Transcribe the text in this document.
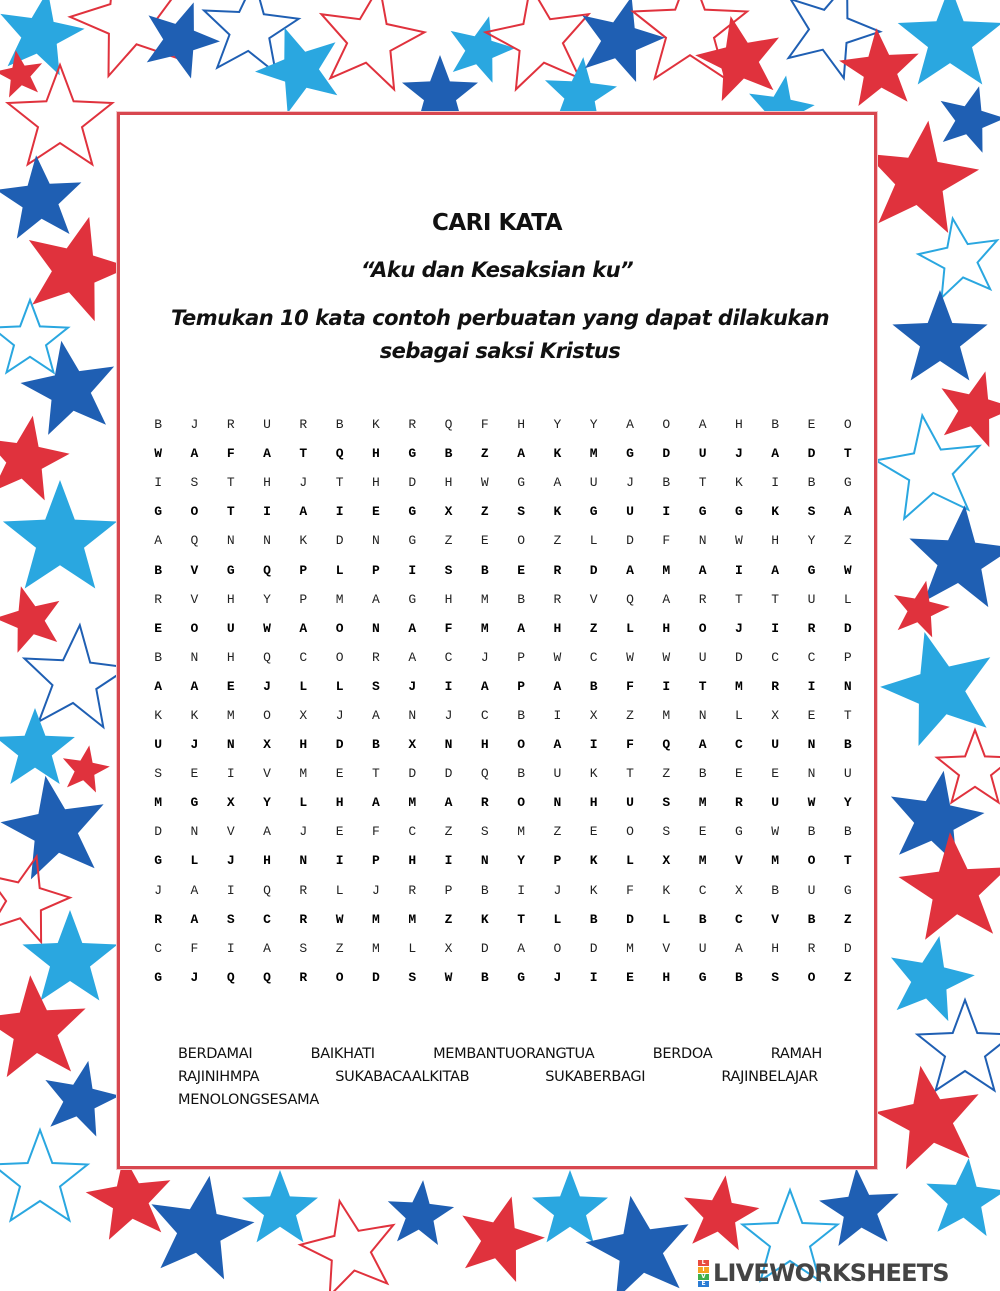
CARI KATA
“Aku dan Kesaksian ku”
Temukan 10 kata contoh perbuatan yang dapat dilakukan sebagai saksi Kristus
B	J	R	U	R	B	K	R	Q	F	H	Y	Y	A	O	A	H	B	E	O
W	A	F	A	T	Q	H	G	B	Z	A	K	M	G	D	U	J	A	D	T
I	S	T	H	J	T	H	D	H	W	G	A	U	J	B	T	K	I	B	G
G	O	T	I	A	I	E	G	X	Z	S	K	G	U	I	G	G	K	S	A
A	Q	N	N	K	D	N	G	Z	E	O	Z	L	D	F	N	W	H	Y	Z
B	V	G	Q	P	L	P	I	S	B	E	R	D	A	M	A	I	A	G	W
R	V	H	Y	P	M	A	G	H	M	B	R	V	Q	A	R	T	T	U	L
E	O	U	W	A	O	N	A	F	M	A	H	Z	L	H	O	J	I	R	D
B	N	H	Q	C	O	R	A	C	J	P	W	C	W	W	U	D	C	C	P
A	A	E	J	L	L	S	J	I	A	P	A	B	F	I	T	M	R	I	N
K	K	M	O	X	J	A	N	J	C	B	I	X	Z	M	N	L	X	E	T
U	J	N	X	H	D	B	X	N	H	O	A	I	F	Q	A	C	U	N	B
S	E	I	V	M	E	T	D	D	Q	B	U	K	T	Z	B	E	E	N	U
M	G	X	Y	L	H	A	M	A	R	O	N	H	U	S	M	R	U	W	Y
D	N	V	A	J	E	F	C	Z	S	M	Z	E	O	S	E	G	W	B	B
G	L	J	H	N	I	P	H	I	N	Y	P	K	L	X	M	V	M	O	T
J	A	I	Q	R	L	J	R	P	B	I	J	K	F	K	C	X	B	U	G
R	A	S	C	R	W	M	M	Z	K	T	L	B	D	L	B	C	V	B	Z
C	F	I	A	S	Z	M	L	X	D	A	O	D	M	V	U	A	H	R	D
G	J	Q	Q	R	O	D	S	W	B	G	J	I	E	H	G	B	S	O	Z
BERDAMAI	BAIKHATI	MEMBANTUORANGTUA	BERDOA	RAMAH
RAJINIHMPA	SUKABACAALKITAB	SUKABERBAGI	RAJINBELAJAR
MENOLONGSESAMA
L
I
V
E LIVEWORKSHEETS
